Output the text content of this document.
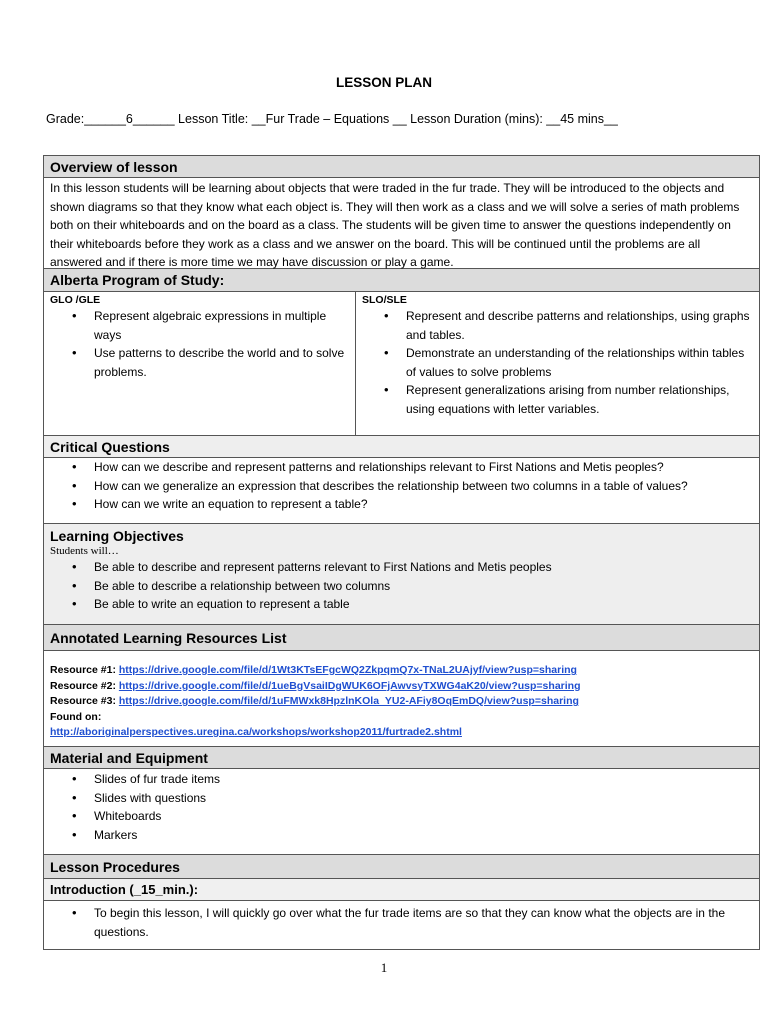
LESSON PLAN
Grade:______6______ Lesson Title: __Fur Trade – Equations __ Lesson Duration (mins): __45 mins__
Overview of lesson
In this lesson students will be learning about objects that were traded in the fur trade. They will be introduced to the objects and shown diagrams so that they know what each object is. They will then work as a class and we will solve a series of math problems both on their whiteboards and on the board as a class. The students will be given time to answer the questions independently on their whiteboards before they work as a class and we answer on the board. This will be continued until the problems are all answered and if there is more time we may have discussion or play a game.
Alberta Program of Study:
GLO /GLE
• Represent algebraic expressions in multiple ways
• Use patterns to describe the world and to solve problems.
SLO/SLE
• Represent and describe patterns and relationships, using graphs and tables.
• Demonstrate an understanding of the relationships within tables of values to solve problems
• Represent generalizations arising from number relationships, using equations with letter variables.
Critical Questions
• How can we describe and represent patterns and relationships relevant to First Nations and Metis peoples?
• How can we generalize an expression that describes the relationship between two columns in a table of values?
• How can we write an equation to represent a table?
Learning Objectives
Students will…
• Be able to describe and represent patterns relevant to First Nations and Metis peoples
• Be able to describe a relationship between two columns
• Be able to write an equation to represent a table
Annotated Learning Resources List
Resource #1: https://drive.google.com/file/d/1Wt3KTsEFgcWQ2ZkpqmQ7x-TNaL2UAjyf/view?usp=sharing
Resource #2: https://drive.google.com/file/d/1ueBgVsaiIDgWUK6OFjAwvsyTXWG4aK20/view?usp=sharing
Resource #3: https://drive.google.com/file/d/1uFMWxk8HpzlnKOla_YU2-AFiy8OqEmDQ/view?usp=sharing
Found on:
http://aboriginalperspectives.uregina.ca/workshops/workshop2011/furtrade2.shtml
Material and Equipment
• Slides of fur trade items
• Slides with questions
• Whiteboards
• Markers
Lesson Procedures
Introduction (_15_min.):
• To begin this lesson, I will quickly go over what the fur trade items are so that they can know what the objects are in the questions.
1
